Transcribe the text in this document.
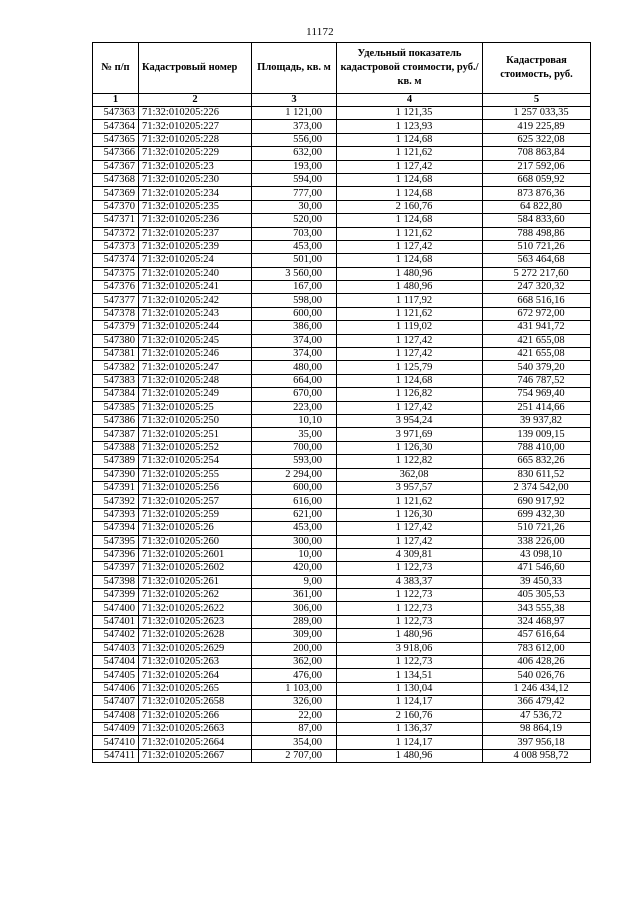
11172
№ п/п	Кадастровый номер	Площадь, кв. м	Удельный показатель кадастровой стоимости, руб./кв. м	Кадастровая стоимость, руб.
1	2	3	4	5
547363	71:32:010205:226	1 121,00	1 121,35	1 257 033,35
547364	71:32:010205:227	373,00	1 123,93	419 225,89
547365	71:32:010205:228	556,00	1 124,68	625 322,08
547366	71:32:010205:229	632,00	1 121,62	708 863,84
547367	71:32:010205:23	193,00	1 127,42	217 592,06
547368	71:32:010205:230	594,00	1 124,68	668 059,92
547369	71:32:010205:234	777,00	1 124,68	873 876,36
547370	71:32:010205:235	30,00	2 160,76	64 822,80
547371	71:32:010205:236	520,00	1 124,68	584 833,60
547372	71:32:010205:237	703,00	1 121,62	788 498,86
547373	71:32:010205:239	453,00	1 127,42	510 721,26
547374	71:32:010205:24	501,00	1 124,68	563 464,68
547375	71:32:010205:240	3 560,00	1 480,96	5 272 217,60
547376	71:32:010205:241	167,00	1 480,96	247 320,32
547377	71:32:010205:242	598,00	1 117,92	668 516,16
547378	71:32:010205:243	600,00	1 121,62	672 972,00
547379	71:32:010205:244	386,00	1 119,02	431 941,72
547380	71:32:010205:245	374,00	1 127,42	421 655,08
547381	71:32:010205:246	374,00	1 127,42	421 655,08
547382	71:32:010205:247	480,00	1 125,79	540 379,20
547383	71:32:010205:248	664,00	1 124,68	746 787,52
547384	71:32:010205:249	670,00	1 126,82	754 969,40
547385	71:32:010205:25	223,00	1 127,42	251 414,66
547386	71:32:010205:250	10,10	3 954,24	39 937,82
547387	71:32:010205:251	35,00	3 971,69	139 009,15
547388	71:32:010205:252	700,00	1 126,30	788 410,00
547389	71:32:010205:254	593,00	1 122,82	665 832,26
547390	71:32:010205:255	2 294,00	362,08	830 611,52
547391	71:32:010205:256	600,00	3 957,57	2 374 542,00
547392	71:32:010205:257	616,00	1 121,62	690 917,92
547393	71:32:010205:259	621,00	1 126,30	699 432,30
547394	71:32:010205:26	453,00	1 127,42	510 721,26
547395	71:32:010205:260	300,00	1 127,42	338 226,00
547396	71:32:010205:2601	10,00	4 309,81	43 098,10
547397	71:32:010205:2602	420,00	1 122,73	471 546,60
547398	71:32:010205:261	9,00	4 383,37	39 450,33
547399	71:32:010205:262	361,00	1 122,73	405 305,53
547400	71:32:010205:2622	306,00	1 122,73	343 555,38
547401	71:32:010205:2623	289,00	1 122,73	324 468,97
547402	71:32:010205:2628	309,00	1 480,96	457 616,64
547403	71:32:010205:2629	200,00	3 918,06	783 612,00
547404	71:32:010205:263	362,00	1 122,73	406 428,26
547405	71:32:010205:264	476,00	1 134,51	540 026,76
547406	71:32:010205:265	1 103,00	1 130,04	1 246 434,12
547407	71:32:010205:2658	326,00	1 124,17	366 479,42
547408	71:32:010205:266	22,00	2 160,76	47 536,72
547409	71:32:010205:2663	87,00	1 136,37	98 864,19
547410	71:32:010205:2664	354,00	1 124,17	397 956,18
547411	71:32:010205:2667	2 707,00	1 480,96	4 008 958,72
